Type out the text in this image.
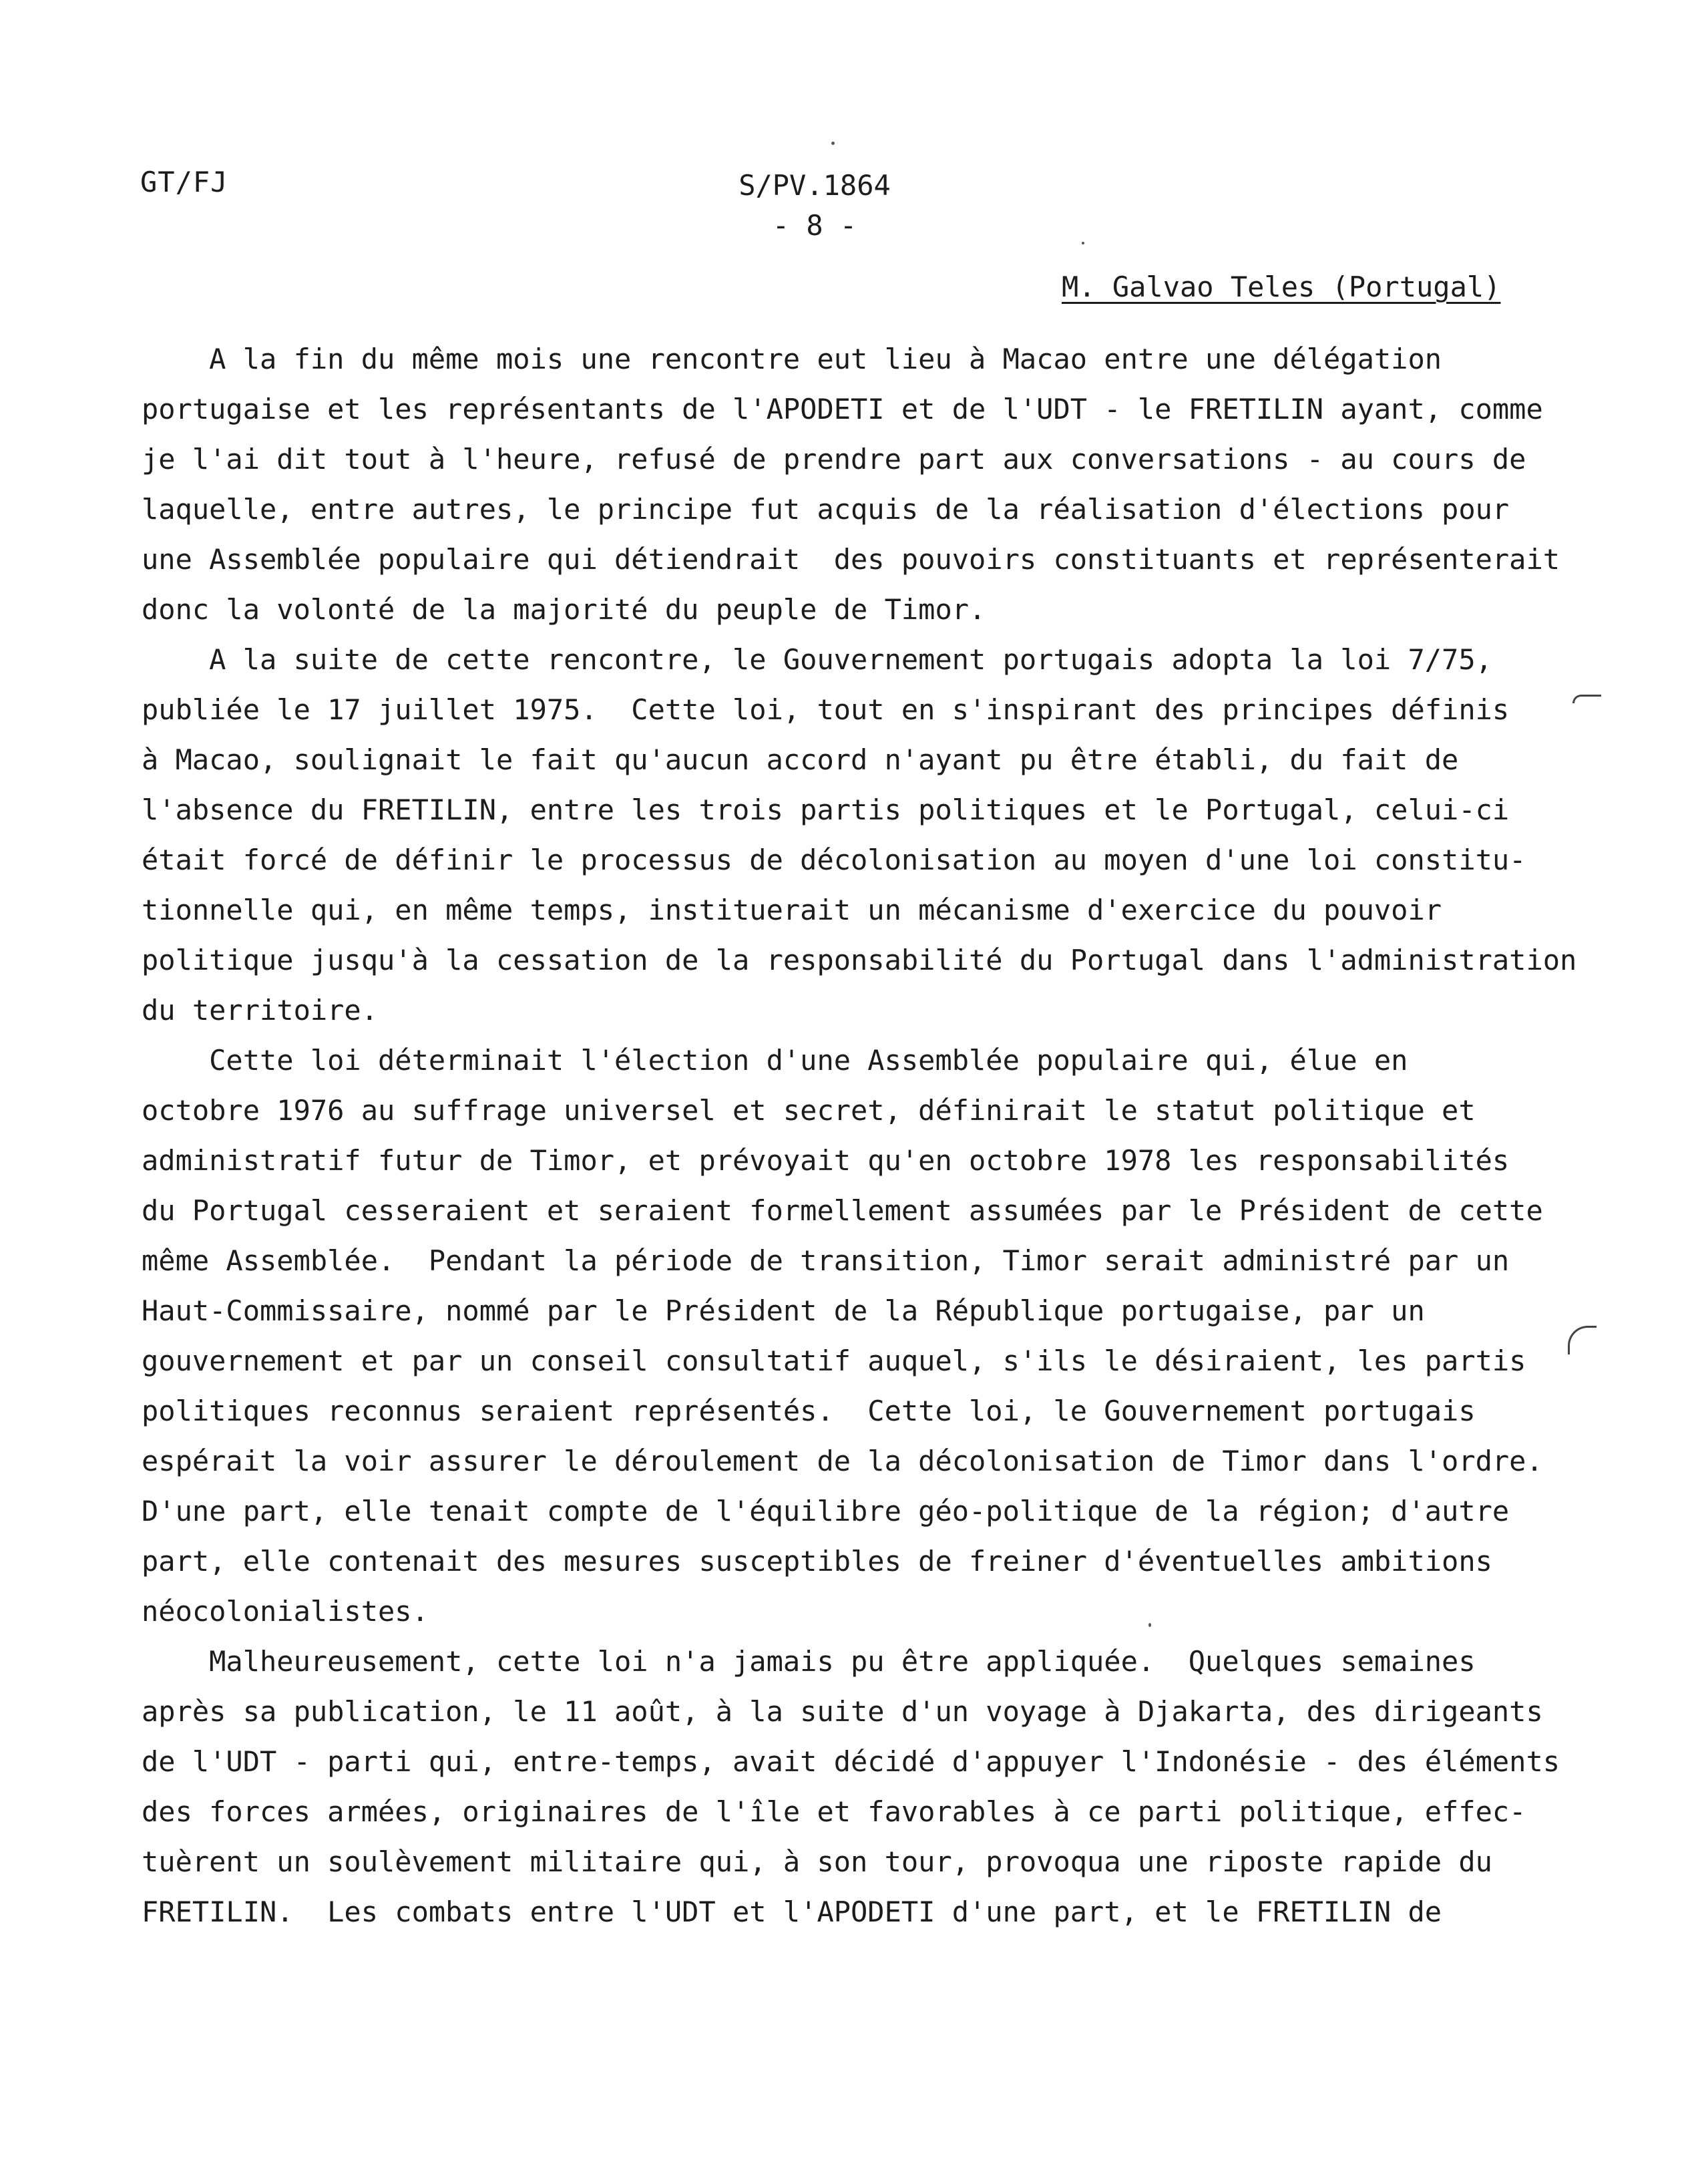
GT/FJ	S/PV.1864
- 8 -
M. Galvao Teles (Portugal)

A la fin du même mois une rencontre eut lieu à Macao entre une délégation

portugaise et les représentants de l'APODETI et de l'UDT - le FRETILIN ayant, comme

je l'ai dit tout à l'heure, refusé de prendre part aux conversations - au cours de

laquelle, entre autres, le principe fut acquis de la réalisation d'élections pour

une Assemblée populaire qui détiendrait  des pouvoirs constituants et représenterait

donc la volonté de la majorité du peuple de Timor.

A la suite de cette rencontre, le Gouvernement portugais adopta la loi 7/75,

publiée le 17 juillet 1975.  Cette loi, tout en s'inspirant des principes définis

à Macao, soulignait le fait qu'aucun accord n'ayant pu être établi, du fait de

l'absence du FRETILIN, entre les trois partis politiques et le Portugal, celui-ci

était forcé de définir le processus de décolonisation au moyen d'une loi constitu-

tionnelle qui, en même temps, instituerait un mécanisme d'exercice du pouvoir

politique jusqu'à la cessation de la responsabilité du Portugal dans l'administration

du territoire.

Cette loi déterminait l'élection d'une Assemblée populaire qui, élue en

octobre 1976 au suffrage universel et secret, définirait le statut politique et

administratif futur de Timor, et prévoyait qu'en octobre 1978 les responsabilités

du Portugal cesseraient et seraient formellement assumées par le Président de cette

même Assemblée.  Pendant la période de transition, Timor serait administré par un

Haut-Commissaire, nommé par le Président de la République portugaise, par un

gouvernement et par un conseil consultatif auquel, s'ils le désiraient, les partis

politiques reconnus seraient représentés.  Cette loi, le Gouvernement portugais

espérait la voir assurer le déroulement de la décolonisation de Timor dans l'ordre.

D'une part, elle tenait compte de l'équilibre géo-politique de la région; d'autre

part, elle contenait des mesures susceptibles de freiner d'éventuelles ambitions

néocolonialistes.

Malheureusement, cette loi n'a jamais pu être appliquée.  Quelques semaines

après sa publication, le 11 août, à la suite d'un voyage à Djakarta, des dirigeants

de l'UDT - parti qui, entre-temps, avait décidé d'appuyer l'Indonésie - des éléments

des forces armées, originaires de l'île et favorables à ce parti politique, effec-

tuèrent un soulèvement militaire qui, à son tour, provoqua une riposte rapide du

FRETILIN.  Les combats entre l'UDT et l'APODETI d'une part, et le FRETILIN de
